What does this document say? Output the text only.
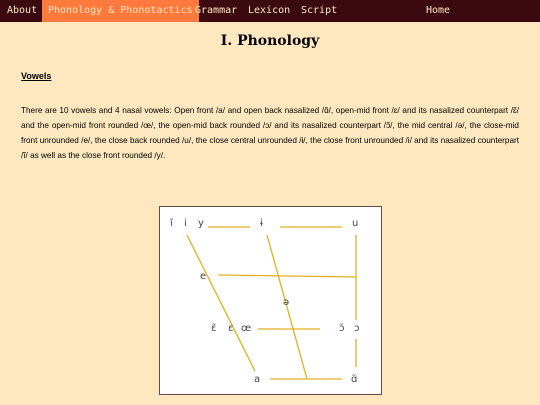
About	Phonology & Phonotactics Grammar Lexicon Script	Home
I. Phonology
Vowels

There are 10 vowels and 4 nasal vowels: Open front /a/ and open back nasalized /ɑ̃/, open-mid front /ɛ/ and its nasalized counterpart /ɛ̃/ and the open-mid front rounded /œ/, the open-mid back rounded /ɔ/ and its nasalized counterpart /ɔ̃/, the mid central /ə/, the close-mid front unrounded /e/, the close back rounded /u/, the close central unrounded /ɨ/, the close front unrounded /i/ and its nasalized counterpart /ĩ/ as well as the close front rounded /y/.

ĩ i y	ɨ	u
e
ə
ɛ̃ ɛ œ	ɔ̃ ɔ
a	ɑ̃
